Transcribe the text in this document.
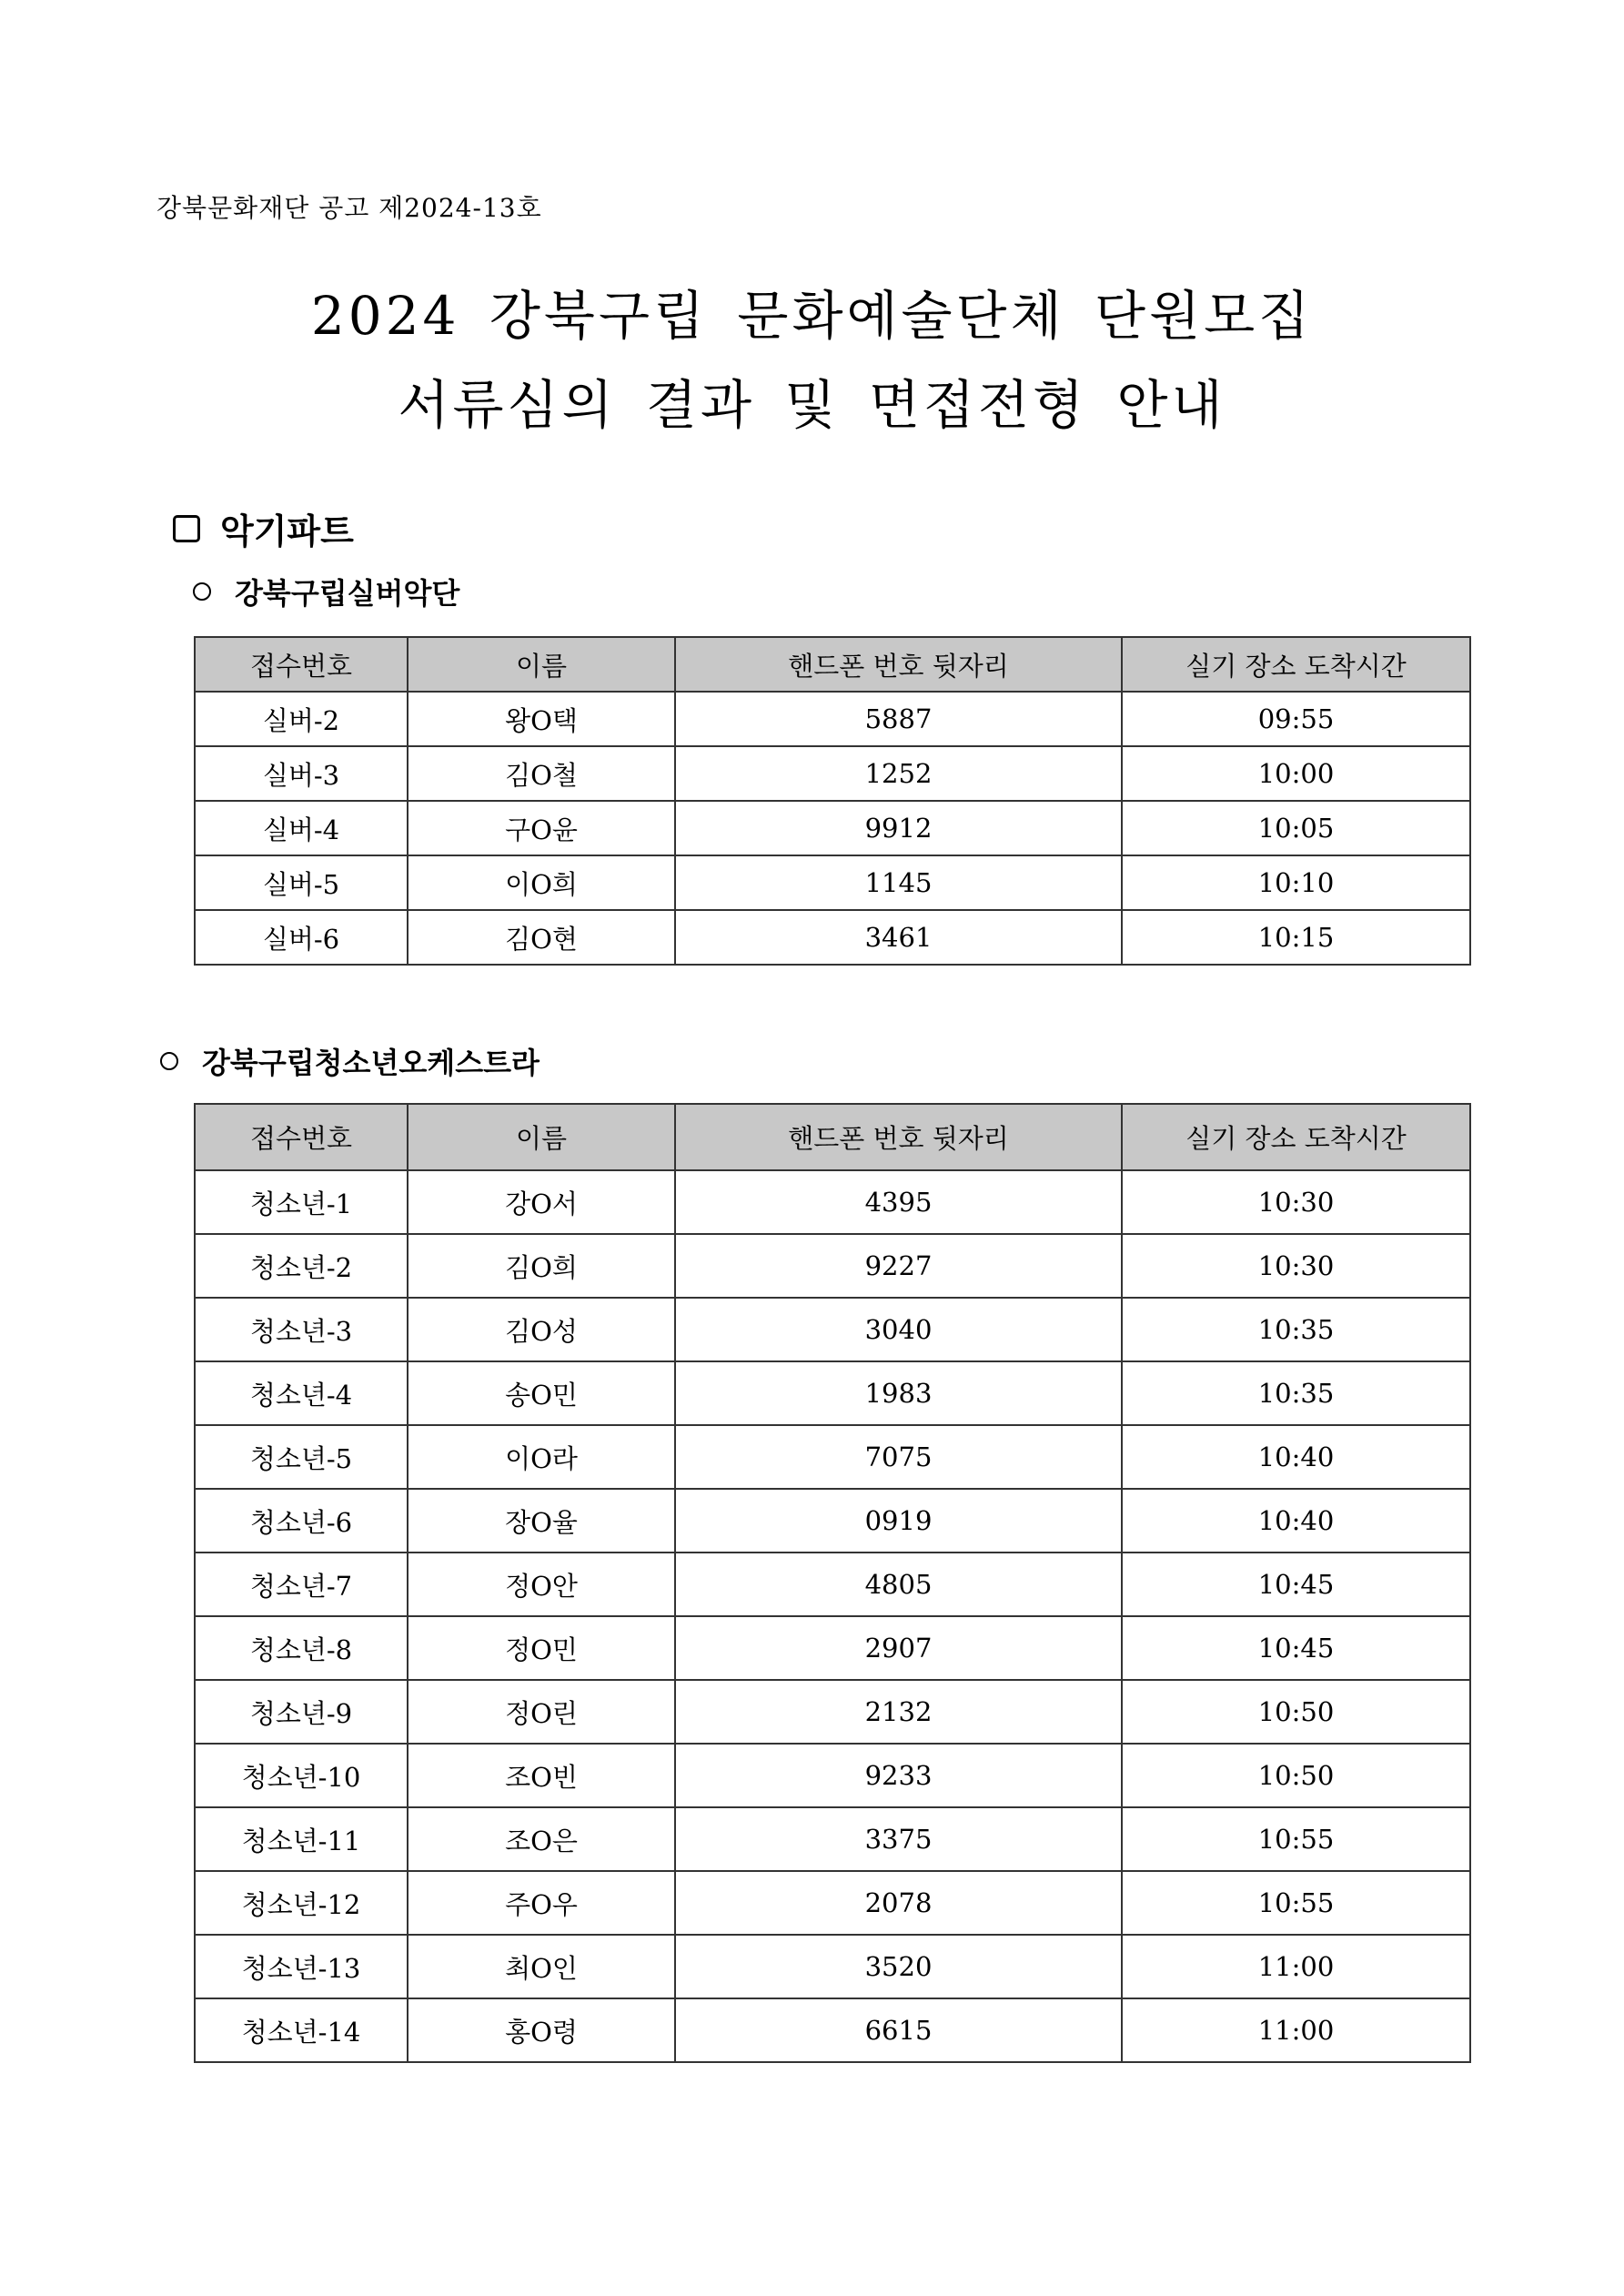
강북문화재단 공고 제2024-13호
2024 강북구립 문화예술단체 단원모집
서류심의 결과 및 면접전형 안내
악기파트
강북구립실버악단
접수번호	이름	핸드폰 번호 뒷자리	실기 장소 도착시간
실버-2	왕O택	5887	09:55
실버-3	김O철	1252	10:00
실버-4	구O윤	9912	10:05
실버-5	이O희	1145	10:10
실버-6	김O현	3461	10:15
강북구립청소년오케스트라
접수번호	이름	핸드폰 번호 뒷자리	실기 장소 도착시간
청소년-1	강O서	4395	10:30
청소년-2	김O희	9227	10:30
청소년-3	김O성	3040	10:35
청소년-4	송O민	1983	10:35
청소년-5	이O라	7075	10:40
청소년-6	장O율	0919	10:40
청소년-7	정O안	4805	10:45
청소년-8	정O민	2907	10:45
청소년-9	정O린	2132	10:50
청소년-10	조O빈	9233	10:50
청소년-11	조O은	3375	10:55
청소년-12	주O우	2078	10:55
청소년-13	최O인	3520	11:00
청소년-14	홍O령	6615	11:00
